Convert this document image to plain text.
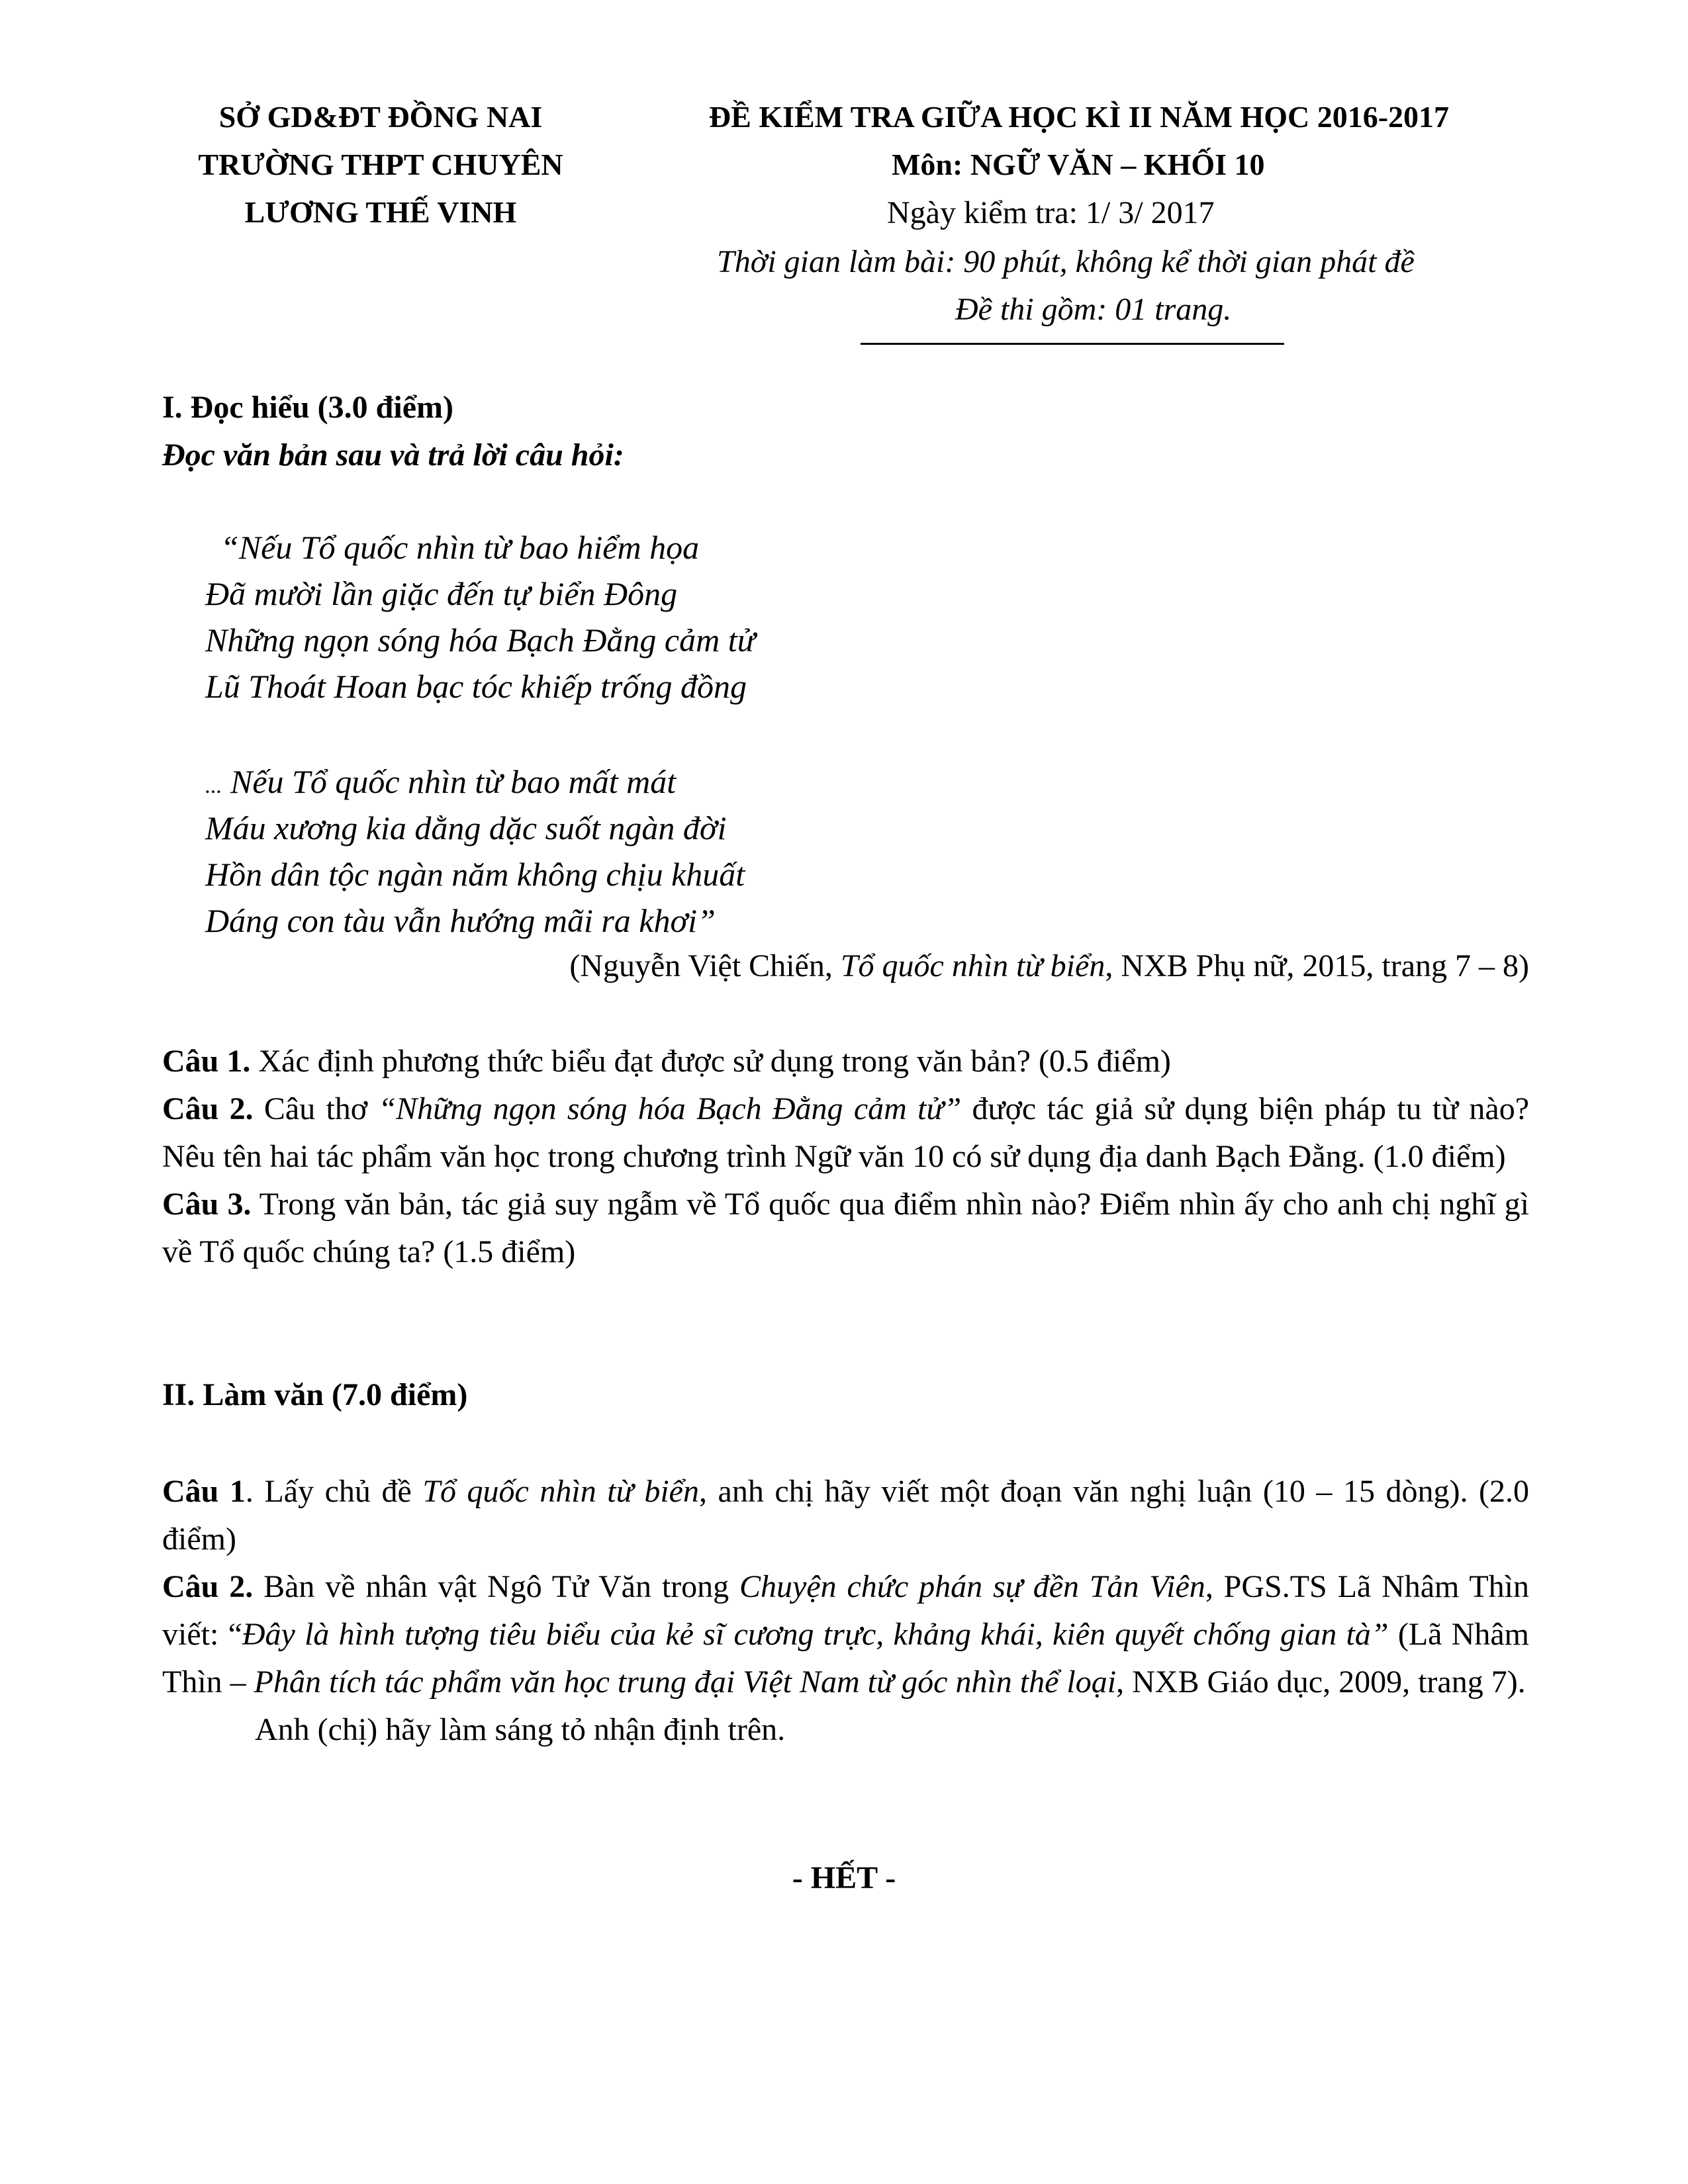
SỞ GD&ĐT ĐỒNG NAI
TRƯỜNG THPT CHUYÊN
LƯƠNG THẾ VINH
ĐỀ KIỂM TRA GIỮA HỌC KÌ II NĂM HỌC 2016-2017
Môn: NGỮ VĂN – KHỐI 10
Ngày kiểm tra: 1/ 3/ 2017
Thời gian làm bài: 90 phút, không kể thời gian phát đề
Đề thi gồm: 01 trang.
I. Đọc hiểu (3.0 điểm)
Đọc văn bản sau và trả lời câu hỏi:
“Nếu Tổ quốc nhìn từ bao hiểm họa
Đã mười lần giặc đến tự biển Đông
Những ngọn sóng hóa Bạch Đằng cảm tử
Lũ Thoát Hoan bạc tóc khiếp trống đồng
... Nếu Tổ quốc nhìn từ bao mất mát
Máu xương kia dằng dặc suốt ngàn đời
Hồn dân tộc ngàn năm không chịu khuất
Dáng con tàu vẫn hướng mãi ra khơi”
(Nguyễn Việt Chiến, Tổ quốc nhìn từ biển, NXB Phụ nữ, 2015, trang 7 – 8)

Câu 1. Xác định phương thức biểu đạt được sử dụng trong văn bản? (0.5 điểm)

Câu 2. Câu thơ “Những ngọn sóng hóa Bạch Đằng cảm tử” được tác giả sử dụng biện pháp tu từ nào? Nêu tên hai tác phẩm văn học trong chương trình Ngữ văn 10 có sử dụng địa danh Bạch Đằng. (1.0 điểm)

Câu 3. Trong văn bản, tác giả suy ngẫm về Tổ quốc qua điểm nhìn nào? Điểm nhìn ấy cho anh chị nghĩ gì về Tổ quốc chúng ta? (1.5 điểm)

II. Làm văn (7.0 điểm)

Câu 1. Lấy chủ đề Tổ quốc nhìn từ biển, anh chị hãy viết một đoạn văn nghị luận (10 – 15 dòng). (2.0 điểm)

Câu 2. Bàn về nhân vật Ngô Tử Văn trong Chuyện chức phán sự đền Tản Viên, PGS.TS Lã Nhâm Thìn viết: “Đây là hình tượng tiêu biểu của kẻ sĩ cương trực, khảng khái, kiên quyết chống gian tà” (Lã Nhâm Thìn – Phân tích tác phẩm văn học trung đại Việt Nam từ góc nhìn thể loại, NXB Giáo dục, 2009, trang 7).

Anh (chị) hãy làm sáng tỏ nhận định trên.

- HẾT -
